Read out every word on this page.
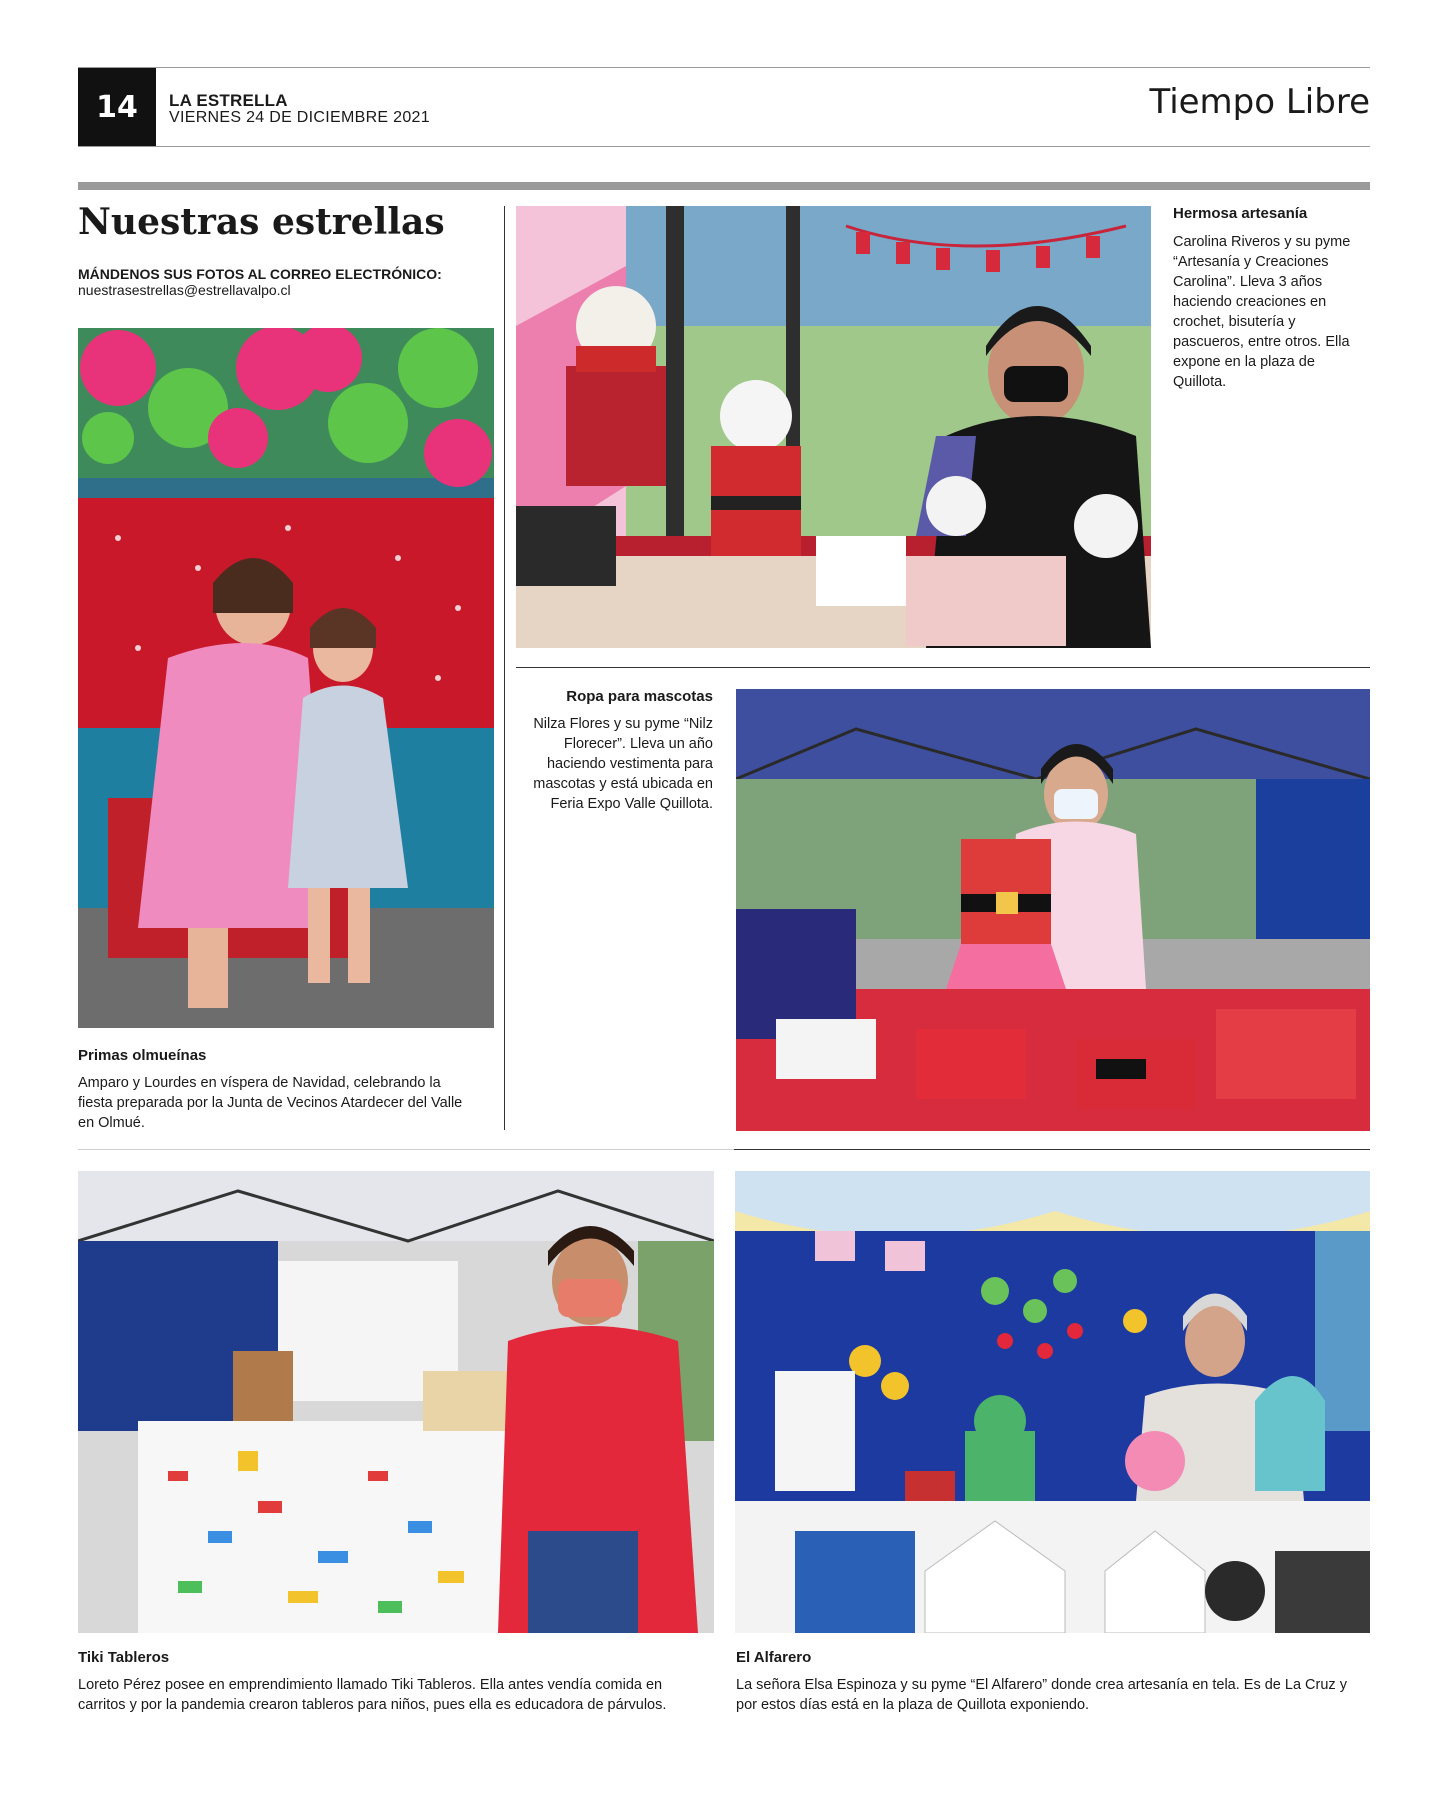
14	LA ESTRELLA
VIERNES 24 DE DICIEMBRE 2021	Tiempo Libre
Nuestras estrellas
MÁNDENOS SUS FOTOS AL CORREO ELECTRÓNICO:
nuestrasestrellas@estrellavalpo.cl
Primas olmueínas
Amparo y Lourdes en víspera de Navidad, celebrando la fiesta preparada por la Junta de Vecinos Atardecer del Valle en Olmué.
Hermosa artesanía
Carolina Riveros y su pyme “Artesanía y Creaciones Carolina”. Lleva 3 años haciendo creaciones en crochet, bisutería y pascueros, entre otros. Ella expone en la plaza de Quillota.
Ropa para mascotas
Nilza Flores y su pyme “Nilz Florecer”. Lleva un año haciendo vestimenta para mascotas y está ubicada en Feria Expo Valle Quillota.
Tiki Tableros
Loreto Pérez posee en emprendimiento llamado Tiki Tableros. Ella antes vendía comida en carritos y por la pandemia crearon tableros para niños, pues ella es educadora de párvulos.
El Alfarero
La señora Elsa Espinoza y su pyme “El Alfarero” donde crea artesanía en tela. Es de La Cruz y por estos días está en la plaza de Quillota exponiendo.
